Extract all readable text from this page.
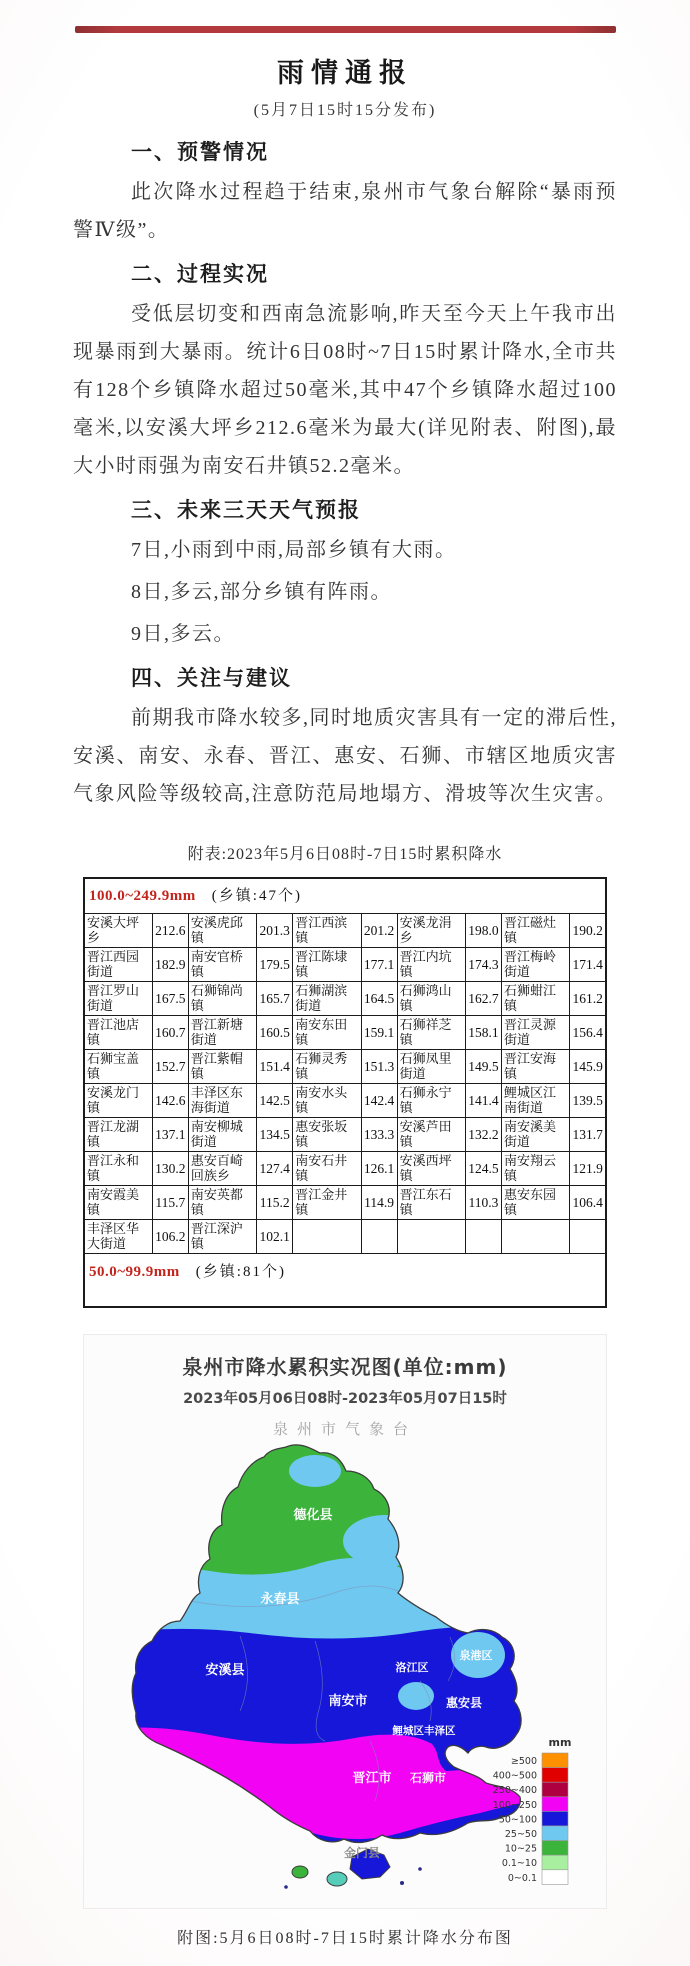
雨情通报
(5月7日15时15分发布)
一、预警情况

此次降水过程趋于结束,泉州市气象台解除“暴雨预警Ⅳ级”。

二、过程实况

受低层切变和西南急流影响,昨天至今天上午我市出现暴雨到大暴雨。统计6日08时~7日15时累计降水,全市共有128个乡镇降水超过50毫米,其中47个乡镇降水超过100毫米,以安溪大坪乡212.6毫米为最大(详见附表、附图),最大小时雨强为南安石井镇52.2毫米。

三、未来三天天气预报

7日,小雨到中雨,局部乡镇有大雨。

8日,多云,部分乡镇有阵雨。

9日,多云。

四、关注与建议

前期我市降水较多,同时地质灾害具有一定的滞后性,安溪、南安、永春、晋江、惠安、石狮、市辖区地质灾害气象风险等级较高,注意防范局地塌方、滑坡等次生灾害。

附表:2023年5月6日08时-7日15时累积降水
100.0~249.9mm (乡镇:47个)									
安溪大坪乡	212.6	安溪虎邱镇	201.3	晋江西滨镇	201.2	安溪龙涓乡	198.0	晋江磁灶镇	190.2
晋江西园街道	182.9	南安官桥镇	179.5	晋江陈埭镇	177.1	晋江内坑镇	174.3	晋江梅岭街道	171.4
晋江罗山街道	167.5	石狮锦尚镇	165.7	石狮湖滨街道	164.5	石狮鸿山镇	162.7	石狮蚶江镇	161.2
晋江池店镇	160.7	晋江新塘街道	160.5	南安东田镇	159.1	石狮祥芝镇	158.1	晋江灵源街道	156.4
石狮宝盖镇	152.7	晋江紫帽镇	151.4	石狮灵秀镇	151.3	石狮凤里街道	149.5	晋江安海镇	145.9
安溪龙门镇	142.6	丰泽区东海街道	142.5	南安水头镇	142.4	石狮永宁镇	141.4	鲤城区江南街道	139.5
晋江龙湖镇	137.1	南安柳城街道	134.5	惠安张坂镇	133.3	安溪芦田镇	132.2	南安溪美街道	131.7
晋江永和镇	130.2	惠安百崎回族乡	127.4	南安石井镇	126.1	安溪西坪镇	124.5	南安翔云镇	121.9
南安霞美镇	115.7	南安英都镇	115.2	晋江金井镇	114.9	晋江东石镇	110.3	惠安东园镇	106.4
丰泽区华大街道	106.2	晋江深沪镇	102.1						
50.0~99.9mm (乡镇:81个)									
泉州市降水累积实况图(单位:mm)
2023年05月06日08时-2023年05月07日15时
泉州市气象台
德化县
永春县
安溪县	洛江区
泉港区
南安市	惠安县
鲤城区丰泽区
晋江市 石狮市
金门县
mm
≥500
400~500
250~400
100~250
50~100
25~50
10~25
0.1~10
0~0.1
附图:5月6日08时-7日15时累计降水分布图
